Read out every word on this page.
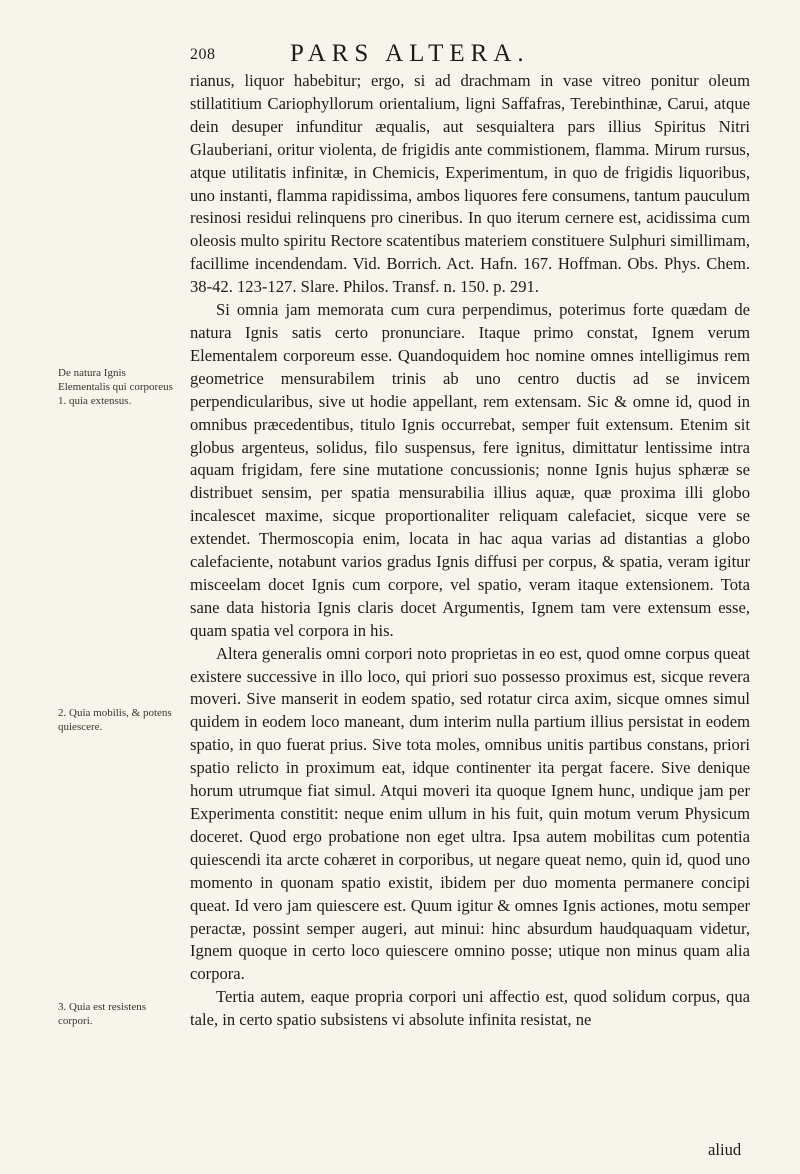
208	PARS ALTERA.
De natura Ignis Elementalis qui corporeus 1. quia extensus.
2. Quia mobilis, & potens quiescere.
3. Quia est resistens corpori.

rianus, liquor habebitur; ergo, si ad drachmam in vase vitreo ponitur oleum stillatitium Cariophyllorum orientalium, ligni Saffafras, Terebinthinæ, Carui, atque dein desuper infunditur æqualis, aut sesquialtera pars illius Spiritus Nitri Glauberiani, oritur violenta, de frigidis ante commistionem, flamma. Mirum rursus, atque utilitatis infinitæ, in Chemicis, Experimentum, in quo de frigidis liquoribus, uno instanti, flamma rapidissima, ambos liquores fere consumens, tantum pauculum resinosi residui relinquens pro cineribus. In quo iterum cernere est, acidissima cum oleosis multo spiritu Rectore scatentibus materiem constituere Sulphuri simillimam, facillime incendendam. Vid. Borrich. Act. Hafn. 167. Hoffman. Obs. Phys. Chem. 38-42. 123-127. Slare. Philos. Transf. n. 150. p. 291.

Si omnia jam memorata cum cura perpendimus, poterimus forte quædam de natura Ignis satis certo pronunciare. Itaque primo constat, Ignem verum Elementalem corporeum esse. Quandoquidem hoc nomine omnes intelligimus rem geometrice mensurabilem trinis ab uno centro ductis ad se invicem perpendicularibus, sive ut hodie appellant, rem extensam. Sic & omne id, quod in omnibus præcedentibus, titulo Ignis occurrebat, semper fuit extensum. Etenim sit globus argenteus, solidus, filo suspensus, fere ignitus, dimittatur lentissime intra aquam frigidam, fere sine mutatione concussionis; nonne Ignis hujus sphæræ se distribuet sensim, per spatia mensurabilia illius aquæ, quæ proxima illi globo incalescet maxime, sicque proportionaliter reliquam calefaciet, sicque vere se extendet. Thermoscopia enim, locata in hac aqua varias ad distantias a globo calefaciente, notabunt varios gradus Ignis diffusi per corpus, & spatia, veram igitur misceelam docet Ignis cum corpore, vel spatio, veram itaque extensionem. Tota sane data historia Ignis claris docet Argumentis, Ignem tam vere extensum esse, quam spatia vel corpora in his.

Altera generalis omni corpori noto proprietas in eo est, quod omne corpus queat existere successive in illo loco, qui priori suo possesso proximus est, sicque revera moveri. Sive manserit in eodem spatio, sed rotatur circa axim, sicque omnes simul quidem in eodem loco maneant, dum interim nulla partium illius persistat in eodem spatio, in quo fuerat prius. Sive tota moles, omnibus unitis partibus constans, priori spatio relicto in proximum eat, idque continenter ita pergat facere. Sive denique horum utrumque fiat simul. Atqui moveri ita quoque Ignem hunc, undique jam per Experimenta constitit: neque enim ullum in his fuit, quin motum verum Physicum doceret. Quod ergo probatione non eget ultra. Ipsa autem mobilitas cum potentia quiescendi ita arcte cohæret in corporibus, ut negare queat nemo, quin id, quod uno momento in quonam spatio existit, ibidem per duo momenta permanere concipi queat. Id vero jam quiescere est. Quum igitur & omnes Ignis actiones, motu semper peractæ, possint semper augeri, aut minui: hinc absurdum haudquaquam videtur, Ignem quoque in certo loco quiescere omnino posse; utique non minus quam alia corpora.

Tertia autem, eaque propria corpori uni affectio est, quod solidum corpus, qua tale, in certo spatio subsistens vi absolute infinita resistat, ne

aliud
